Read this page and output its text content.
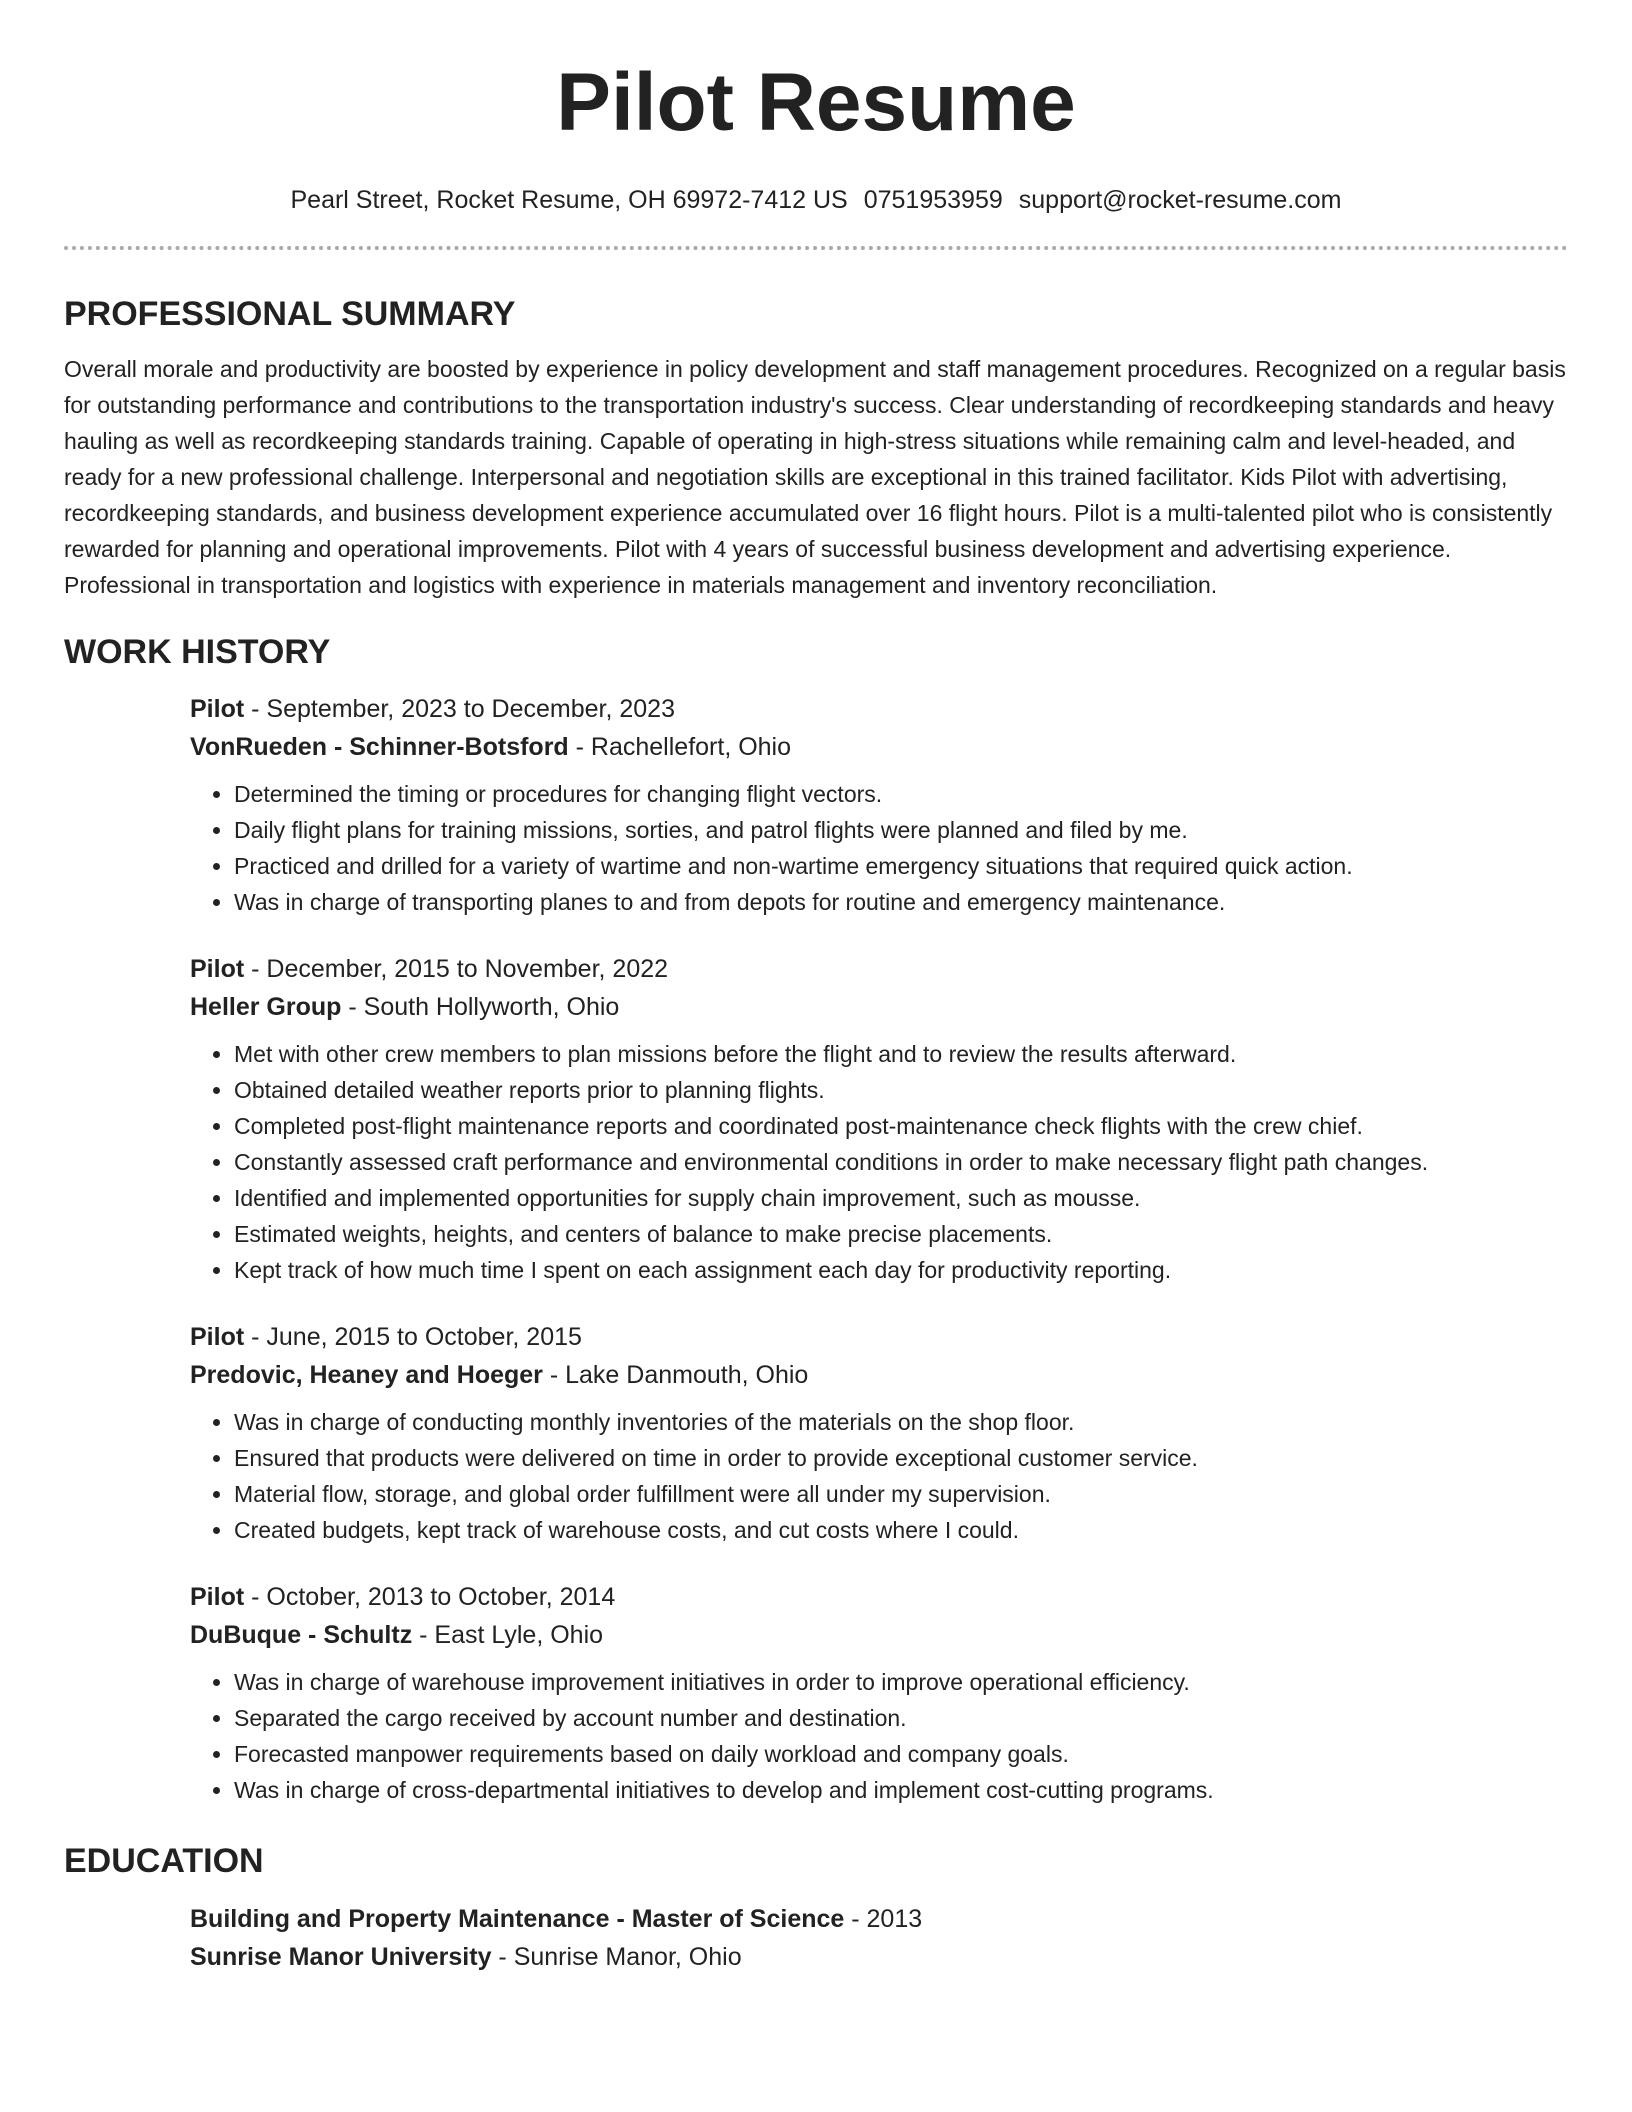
Pilot Resume
Pearl Street, Rocket Resume, OH 69972-7412 US 0751953959 support@rocket-resume.com
PROFESSIONAL SUMMARY

Overall morale and productivity are boosted by experience in policy development and staff management procedures. Recognized on a regular basis for outstanding performance and contributions to the transportation industry's success. Clear understanding of recordkeeping standards and heavy hauling as well as recordkeeping standards training. Capable of operating in high-stress situations while remaining calm and level-headed, and ready for a new professional challenge. Interpersonal and negotiation skills are exceptional in this trained facilitator. Kids Pilot with advertising, recordkeeping standards, and business development experience accumulated over 16 flight hours. Pilot is a multi-talented pilot who is consistently rewarded for planning and operational improvements. Pilot with 4 years of successful business development and advertising experience. Professional in transportation and logistics with experience in materials management and inventory reconciliation.

WORK HISTORY

Pilot - September, 2023 to December, 2023

VonRueden - Schinner-Botsford - Rachellefort, Ohio

• Determined the timing or procedures for changing flight vectors.
• Daily flight plans for training missions, sorties, and patrol flights were planned and filed by me.
• Practiced and drilled for a variety of wartime and non-wartime emergency situations that required quick action.
• Was in charge of transporting planes to and from depots for routine and emergency maintenance.

Pilot - December, 2015 to November, 2022

Heller Group - South Hollyworth, Ohio

• Met with other crew members to plan missions before the flight and to review the results afterward.
• Obtained detailed weather reports prior to planning flights.
• Completed post-flight maintenance reports and coordinated post-maintenance check flights with the crew chief.
• Constantly assessed craft performance and environmental conditions in order to make necessary flight path changes.
• Identified and implemented opportunities for supply chain improvement, such as mousse.
• Estimated weights, heights, and centers of balance to make precise placements.
• Kept track of how much time I spent on each assignment each day for productivity reporting.

Pilot - June, 2015 to October, 2015

Predovic, Heaney and Hoeger - Lake Danmouth, Ohio

• Was in charge of conducting monthly inventories of the materials on the shop floor.
• Ensured that products were delivered on time in order to provide exceptional customer service.
• Material flow, storage, and global order fulfillment were all under my supervision.
• Created budgets, kept track of warehouse costs, and cut costs where I could.

Pilot - October, 2013 to October, 2014

DuBuque - Schultz - East Lyle, Ohio

• Was in charge of warehouse improvement initiatives in order to improve operational efficiency.
• Separated the cargo received by account number and destination.
• Forecasted manpower requirements based on daily workload and company goals.
• Was in charge of cross-departmental initiatives to develop and implement cost-cutting programs.
EDUCATION

Building and Property Maintenance - Master of Science - 2013

Sunrise Manor University - Sunrise Manor, Ohio
